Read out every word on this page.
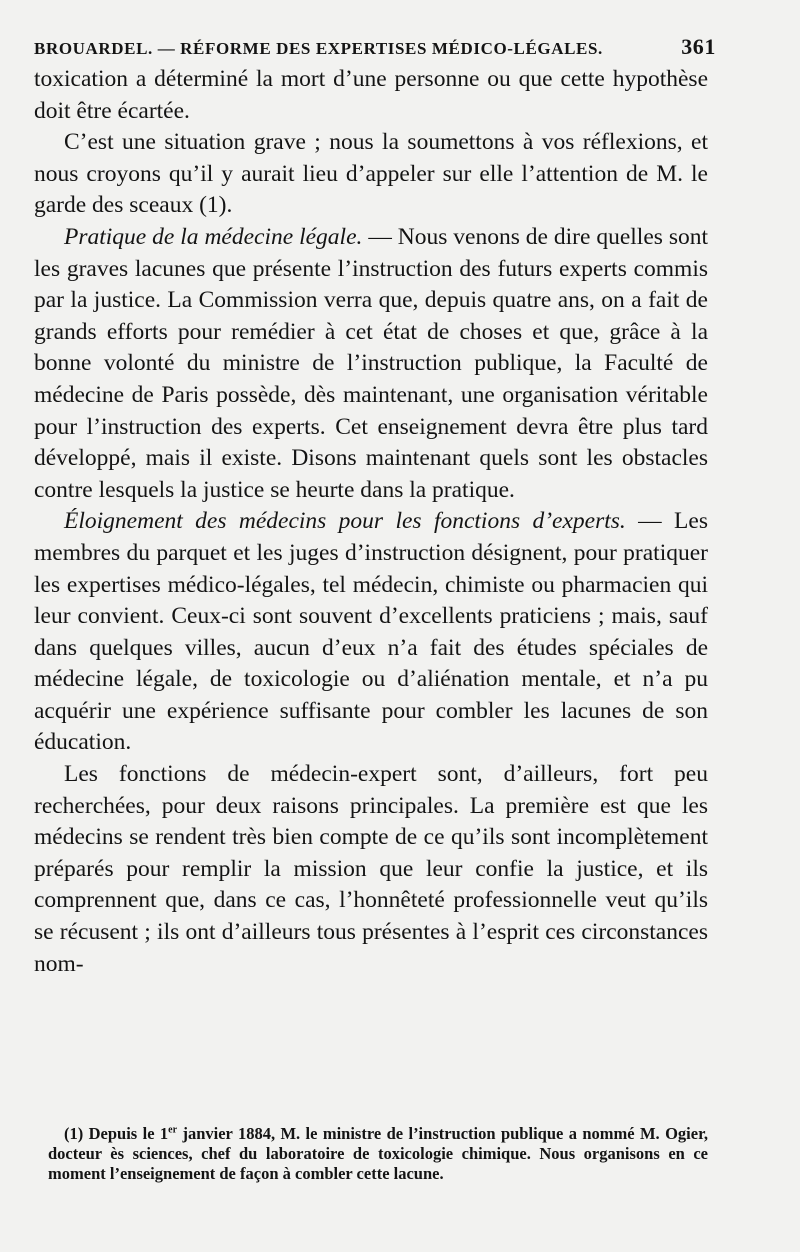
BROUARDEL. — RÉFORME DES EXPERTISES MÉDICO-LÉGALES.	361

toxication a déterminé la mort d’une personne ou que cette hypothèse doit être écartée.

C’est une situation grave ; nous la soumettons à vos réflexions, et nous croyons qu’il y aurait lieu d’appeler sur elle l’attention de M. le garde des sceaux (1).

Pratique de la médecine légale. — Nous venons de dire quelles sont les graves lacunes que présente l’instruction des futurs experts commis par la justice. La Commission verra que, depuis quatre ans, on a fait de grands efforts pour remédier à cet état de choses et que, grâce à la bonne volonté du ministre de l’instruction publique, la Faculté de médecine de Paris possède, dès maintenant, une organisation véritable pour l’instruction des experts. Cet enseignement devra être plus tard développé, mais il existe. Disons maintenant quels sont les obstacles contre lesquels la justice se heurte dans la pratique.

Éloignement des médecins pour les fonctions d’experts. — Les membres du parquet et les juges d’instruction désignent, pour pratiquer les expertises médico-légales, tel médecin, chimiste ou pharmacien qui leur convient. Ceux-ci sont souvent d’excellents praticiens ; mais, sauf dans quelques villes, aucun d’eux n’a fait des études spéciales de médecine légale, de toxicologie ou d’aliénation mentale, et n’a pu acquérir une expérience suffisante pour combler les lacunes de son éducation.

Les fonctions de médecin-expert sont, d’ailleurs, fort peu recherchées, pour deux raisons principales. La première est que les médecins se rendent très bien compte de ce qu’ils sont incomplètement préparés pour remplir la mission que leur confie la justice, et ils comprennent que, dans ce cas, l’honnêteté professionnelle veut qu’ils se récusent ; ils ont d’ailleurs tous présentes à l’esprit ces circonstances nom-

(1) Depuis le 1er janvier 1884, M. le ministre de l’instruction publique a nommé M. Ogier, docteur ès sciences, chef du laboratoire de toxicologie chimique. Nous organisons en ce moment l’enseignement de façon à combler cette lacune.
